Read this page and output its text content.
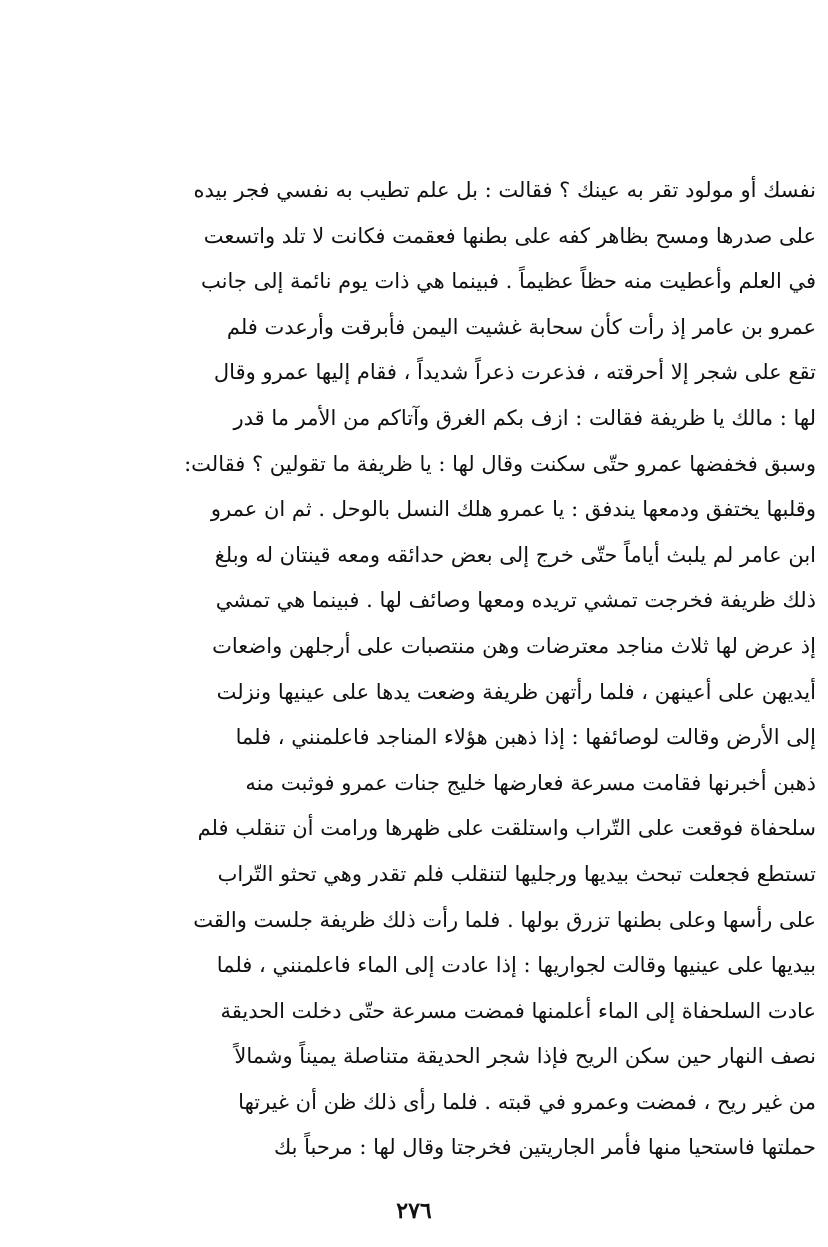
نفسك أو مولود تقر به عينك ؟ فقالت : بل علم تطيب به نفسي فجر بيده
على صدرها ومسح بظاهر كفه على بطنها فعقمت فكانت لا تلد واتسعت
في العلم وأعطيت منه حظاً عظيماً . فبينما هي ذات يوم نائمة إلى جانب
عمرو بن عامر إذ رأت كأن سحابة غشيت اليمن فأبرقت وأرعدت فلم
تقع على شجر إلا أحرقته ، فذعرت ذعراً شديداً ، فقام إليها عمرو وقال
لها : مالك يا ظريفة فقالت : ازف بكم الغرق وآتاكم من الأمر ما قدر
وسبق فخفضها عمرو حتّى سكنت وقال لها : يا ظريفة ما تقولين ؟ فقالت:
وقلبها يختفق ودمعها يندفق : يا عمرو هلك النسل بالوحل . ثم ان عمرو
ابن عامر لم يلبث أياماً حتّى خرج إلى بعض حدائقه ومعه قينتان له وبلغ
ذلك ظريفة فخرجت تمشي تريده ومعها وصائف لها . فبينما هي تمشي
إذ عرض لها ثلاث مناجد معترضات وهن منتصبات على أرجلهن واضعات
أيديهن على أعينهن ، فلما رأتهن ظريفة وضعت يدها على عينيها ونزلت
إلى الأرض وقالت لوصائفها : إذا ذهبن هؤلاء المناجد فاعلمنني ، فلما
ذهبن أخبرنها فقامت مسرعة فعارضها خليج جنات عمرو فوثبت منه
سلحفاة فوقعت على التّراب واستلقت على ظهرها ورامت أن تنقلب فلم
تستطع فجعلت تبحث بيديها ورجليها لتنقلب فلم تقدر وهي تحثو التّراب
على رأسها وعلى بطنها تزرق بولها . فلما رأت ذلك ظريفة جلست والقت
بيديها على عينيها وقالت لجواريها : إذا عادت إلى الماء فاعلمنني ، فلما
عادت السلحفاة إلى الماء أعلمنها فمضت مسرعة حتّى دخلت الحديقة
نصف النهار حين سكن الريح فإذا شجر الحديقة متناصلة يميناً وشمالاً
من غير ريح ، فمضت وعمرو في قبته . فلما رأى ذلك ظن أن غيرتها
حملتها فاستحيا منها فأمر الجاريتين فخرجتا وقال لها : مرحباً بك
٢٧٦
